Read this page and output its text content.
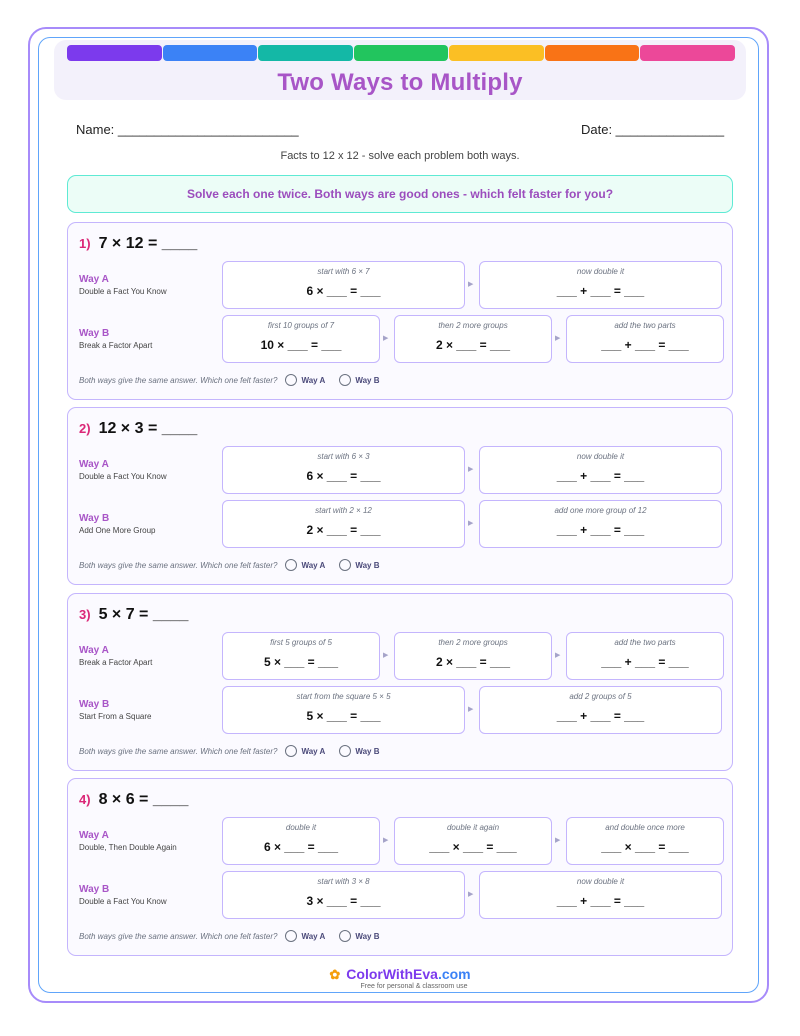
Two Ways to Multiply
Name: _________________________	Date: _______________
Facts to 12 x 12 - solve each problem both ways.
Solve each one twice. Both ways are good ones - which felt faster for you?
1) 7 × 12 = ____
Way A
Double a Fact You Know
start with 6 × 7
6 × ___ = ___	▶
now double it
___ + ___ = ___
Way B
Break a Factor Apart
first 10 groups of 7
10 × ___ = ___	▶
then 2 more groups
2 × ___ = ___	▶
add the two parts
___ + ___ = ___
Both ways give the same answer. Which one felt faster?	Way A	Way B
2) 12 × 3 = ____
Way A
Double a Fact You Know
start with 6 × 3
6 × ___ = ___	▶
now double it
___ + ___ = ___
Way B
Add One More Group
start with 2 × 12
2 × ___ = ___	▶
add one more group of 12
___ + ___ = ___
Both ways give the same answer. Which one felt faster?	Way A	Way B
3) 5 × 7 = ____
Way A
Break a Factor Apart
first 5 groups of 5
5 × ___ = ___	▶
then 2 more groups
2 × ___ = ___	▶
add the two parts
___ + ___ = ___
Way B
Start From a Square
start from the square 5 × 5
5 × ___ = ___	▶
add 2 groups of 5
___ + ___ = ___
Both ways give the same answer. Which one felt faster?	Way A	Way B
4) 8 × 6 = ____
Way A
Double, Then Double Again
double it
6 × ___ = ___	▶
double it again
___ × ___ = ___	▶
and double once more
___ × ___ = ___
Way B
Double a Fact You Know
start with 3 × 8
3 × ___ = ___	▶
now double it
___ + ___ = ___
Both ways give the same answer. Which one felt faster?	Way A	Way B
✿ ColorWithEva.com
Free for personal & classroom use
